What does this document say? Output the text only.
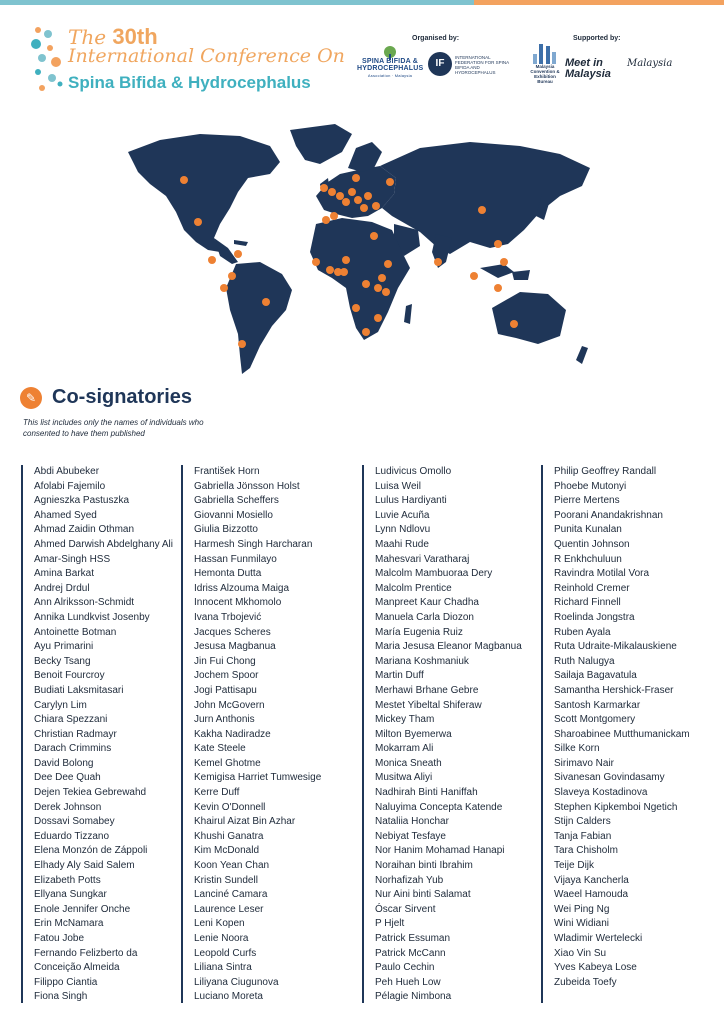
The 30th
International Conference On
Spina Bifida & Hydrocephalus
Organised by:	Supported by:
SPINA BIFIDA & HYDROCEPHALUS
Association · Malaysia
IF
INTERNATIONAL FEDERATION FOR SPINA BIFIDA AND HYDROCEPHALUS
Malaysia Convention & Exhibition Bureau
Meet in Malaysia
Malaysia
✎ Co-signatories
This list includes only the names of individuals who consented to have them published
Abdi Abubeker
Afolabi Fajemilo
Agnieszka Pastuszka
Ahamed Syed
Ahmad Zaidin Othman
Ahmed Darwish Abdelghany Ali
Amar-Singh HSS
Amina Barkat
Andrej Drdul
Ann Alriksson-Schmidt
Annika Lundkvist Josenby
Antoinette Botman
Ayu Primarini
Becky Tsang
Benoit Fourcroy
Budiati Laksmitasari
Carylyn Lim
Chiara Spezzani
Christian Radmayr
Darach Crimmins
David Bolong
Dee Dee Quah
Dejen Tekiea Gebrewahd
Derek Johnson
Dossavi Somabey
Eduardo Tizzano
Elena Monzón de Záppoli
Elhady Aly Said Salem
Elizabeth Potts
Ellyana Sungkar
Enole Jennifer Onche
Erin McNamara
Fatou Jobe
Fernando Felizberto da
Conceição Almeida
Filippo Ciantia
Fiona Singh
František Horn
Gabriella Jönsson Holst
Gabriella Scheffers
Giovanni Mosiello
Giulia Bizzotto
Harmesh Singh Harcharan
Hassan Funmilayo
Hemonta Dutta
Idriss Alzouma Maiga
Innocent Mkhomolo
Ivana Trbojević
Jacques Scheres
Jesusa Magbanua
Jin Fui Chong
Jochem Spoor
Jogi Pattisapu
John McGovern
Jurn Anthonis
Kakha Nadiradze
Kate Steele
Kemel Ghotme
Kemigisa Harriet Tumwesige
Kerre Duff
Kevin O'Donnell
Khairul Aizat Bin Azhar
Khushi Ganatra
Kim McDonald
Koon Yean Chan
Kristin Sundell
Lanciné Camara
Laurence Leser
Leni Kopen
Lenie Noora
Leopold Curfs
Liliana Sintra
Liliyana Ciugunova
Luciano Moreta
Ludivicus Omollo
Luisa Weil
Lulus Hardiyanti
Luvie Acuña
Lynn Ndlovu
Maahi Rude
Mahesvari Varatharaj
Malcolm Mambuoraa Dery
Malcolm Prentice
Manpreet Kaur Chadha
Manuela Carla Diozon
María Eugenia Ruiz
Maria Jesusa Eleanor Magbanua
Mariana Koshmaniuk
Martin Duff
Merhawi Brhane Gebre
Mestet Yibeltal Shiferaw
Mickey Tham
Milton Byemerwa
Mokarram Ali
Monica Sneath
Musitwa Aliyi
Nadhirah Binti Haniffah
Naluyima Concepta Katende
Nataliia Honchar
Nebiyat Tesfaye
Nor Hanim Mohamad Hanapi
Noraihan binti Ibrahim
Norhafizah Yub
Nur Aini binti Salamat
Óscar Sirvent
P Hjelt
Patrick Essuman
Patrick McCann
Paulo Cechin
Peh Hueh Low
Pélagie Nimbona
Philip Geoffrey Randall
Phoebe Mutonyi
Pierre Mertens
Poorani Anandakrishnan
Punita Kunalan
Quentin Johnson
R Enkhchuluun
Ravindra Motilal Vora
Reinhold Cremer
Richard Finnell
Roelinda Jongstra
Ruben Ayala
Ruta Udraite-Mikalauskiene
Ruth Nalugya
Sailaja Bagavatula
Samantha Hershick-Fraser
Santosh Karmarkar
Scott Montgomery
Sharoabinee Mutthumanickam
Silke Korn
Sirimavo Nair
Sivanesan Govindasamy
Slaveya Kostadinova
Stephen Kipkemboi Ngetich
Stijn Calders
Tanja Fabian
Tara Chisholm
Teije Dijk
Vijaya Kancherla
Waeel Hamouda
Wei Ping Ng
Wini Widiani
Wladimir Wertelecki
Xiao Vin Su
Yves Kabeya Lose
Zubeida Toefy
